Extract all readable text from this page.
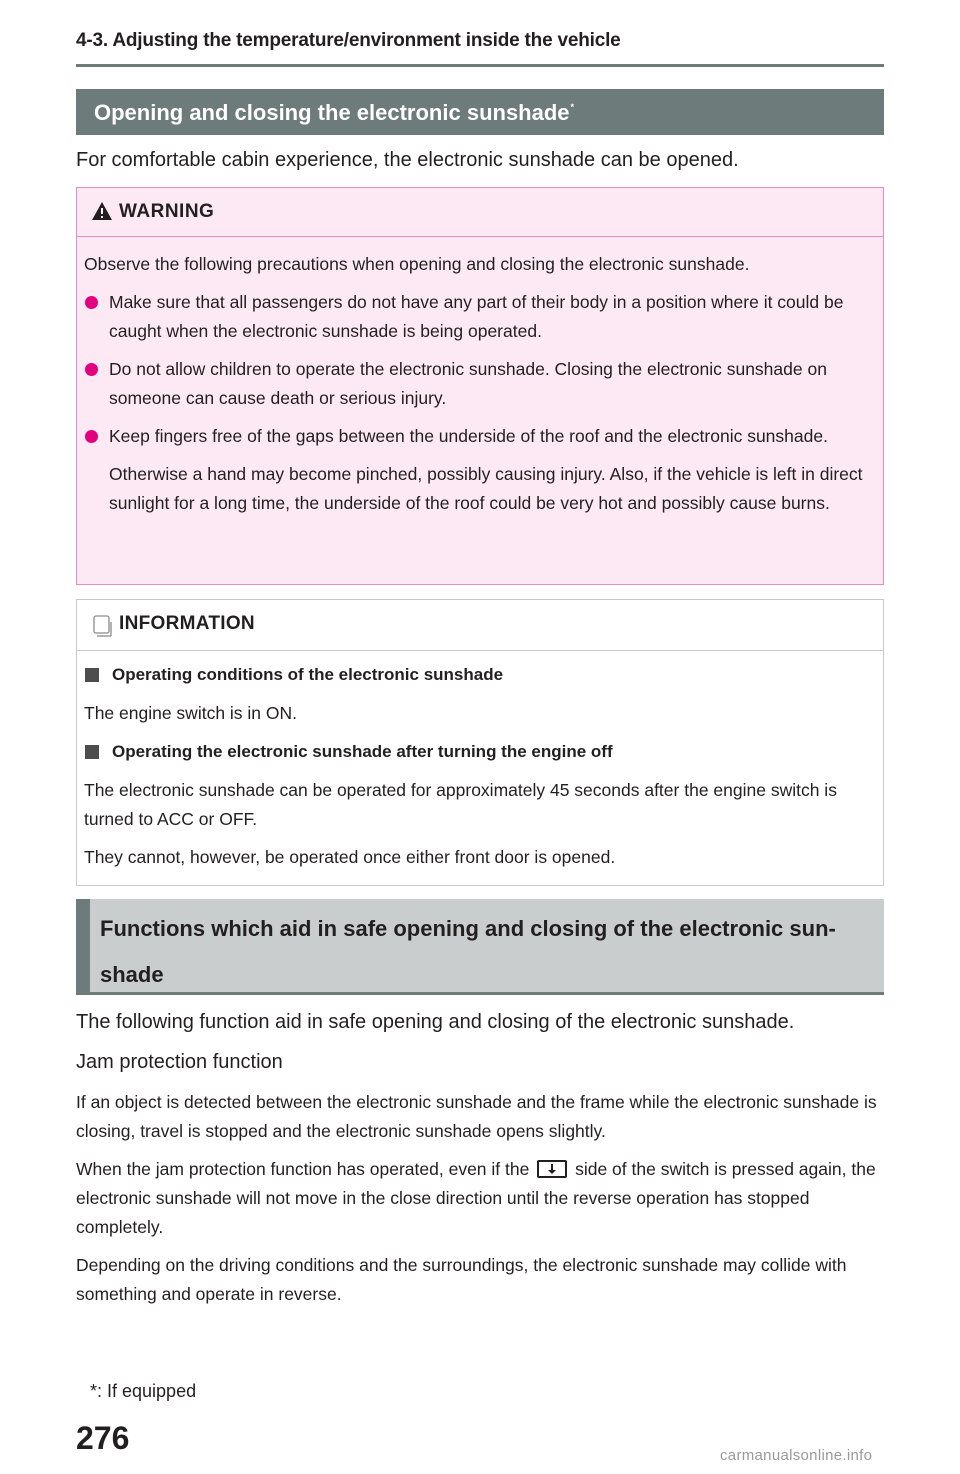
4-3. Adjusting the temperature/environment inside the vehicle
Opening and closing the electronic sunshade*
For comfortable cabin experience, the electronic sunshade can be opened.
WARNING

Observe the following precautions when opening and closing the electronic sunshade.

Make sure that all passengers do not have any part of their body in a position where it could be caught when the electronic sunshade is being operated.
Do not allow children to operate the electronic sunshade. Closing the electronic sunshade on someone can cause death or serious injury.
Keep fingers free of the gaps between the underside of the roof and the electronic sunshade.

Otherwise a hand may become pinched, possibly causing injury. Also, if the vehicle is left in direct sunlight for a long time, the underside of the roof could be very hot and possibly cause burns.

INFORMATION
Operating conditions of the electronic sunshade

The engine switch is in ON.

Operating the electronic sunshade after turning the engine off

The electronic sunshade can be operated for approximately 45 seconds after the engine switch is turned to ACC or OFF.

They cannot, however, be operated once either front door is opened.

Functions which aid in safe opening and closing of the electronic sun-
shade

The following function aid in safe opening and closing of the electronic sunshade.

Jam protection function

If an object is detected between the electronic sunshade and the frame while the electronic sunshade is closing, travel is stopped and the electronic sunshade opens slightly.

When the jam protection function has operated, even if the	side of the switch is pressed again, the electronic sunshade will not move in the close direction until the reverse operation has stopped completely.

Depending on the driving conditions and the surroundings, the electronic sunshade may collide with something and operate in reverse.

*: If equipped
276	carmanualsonline.info
